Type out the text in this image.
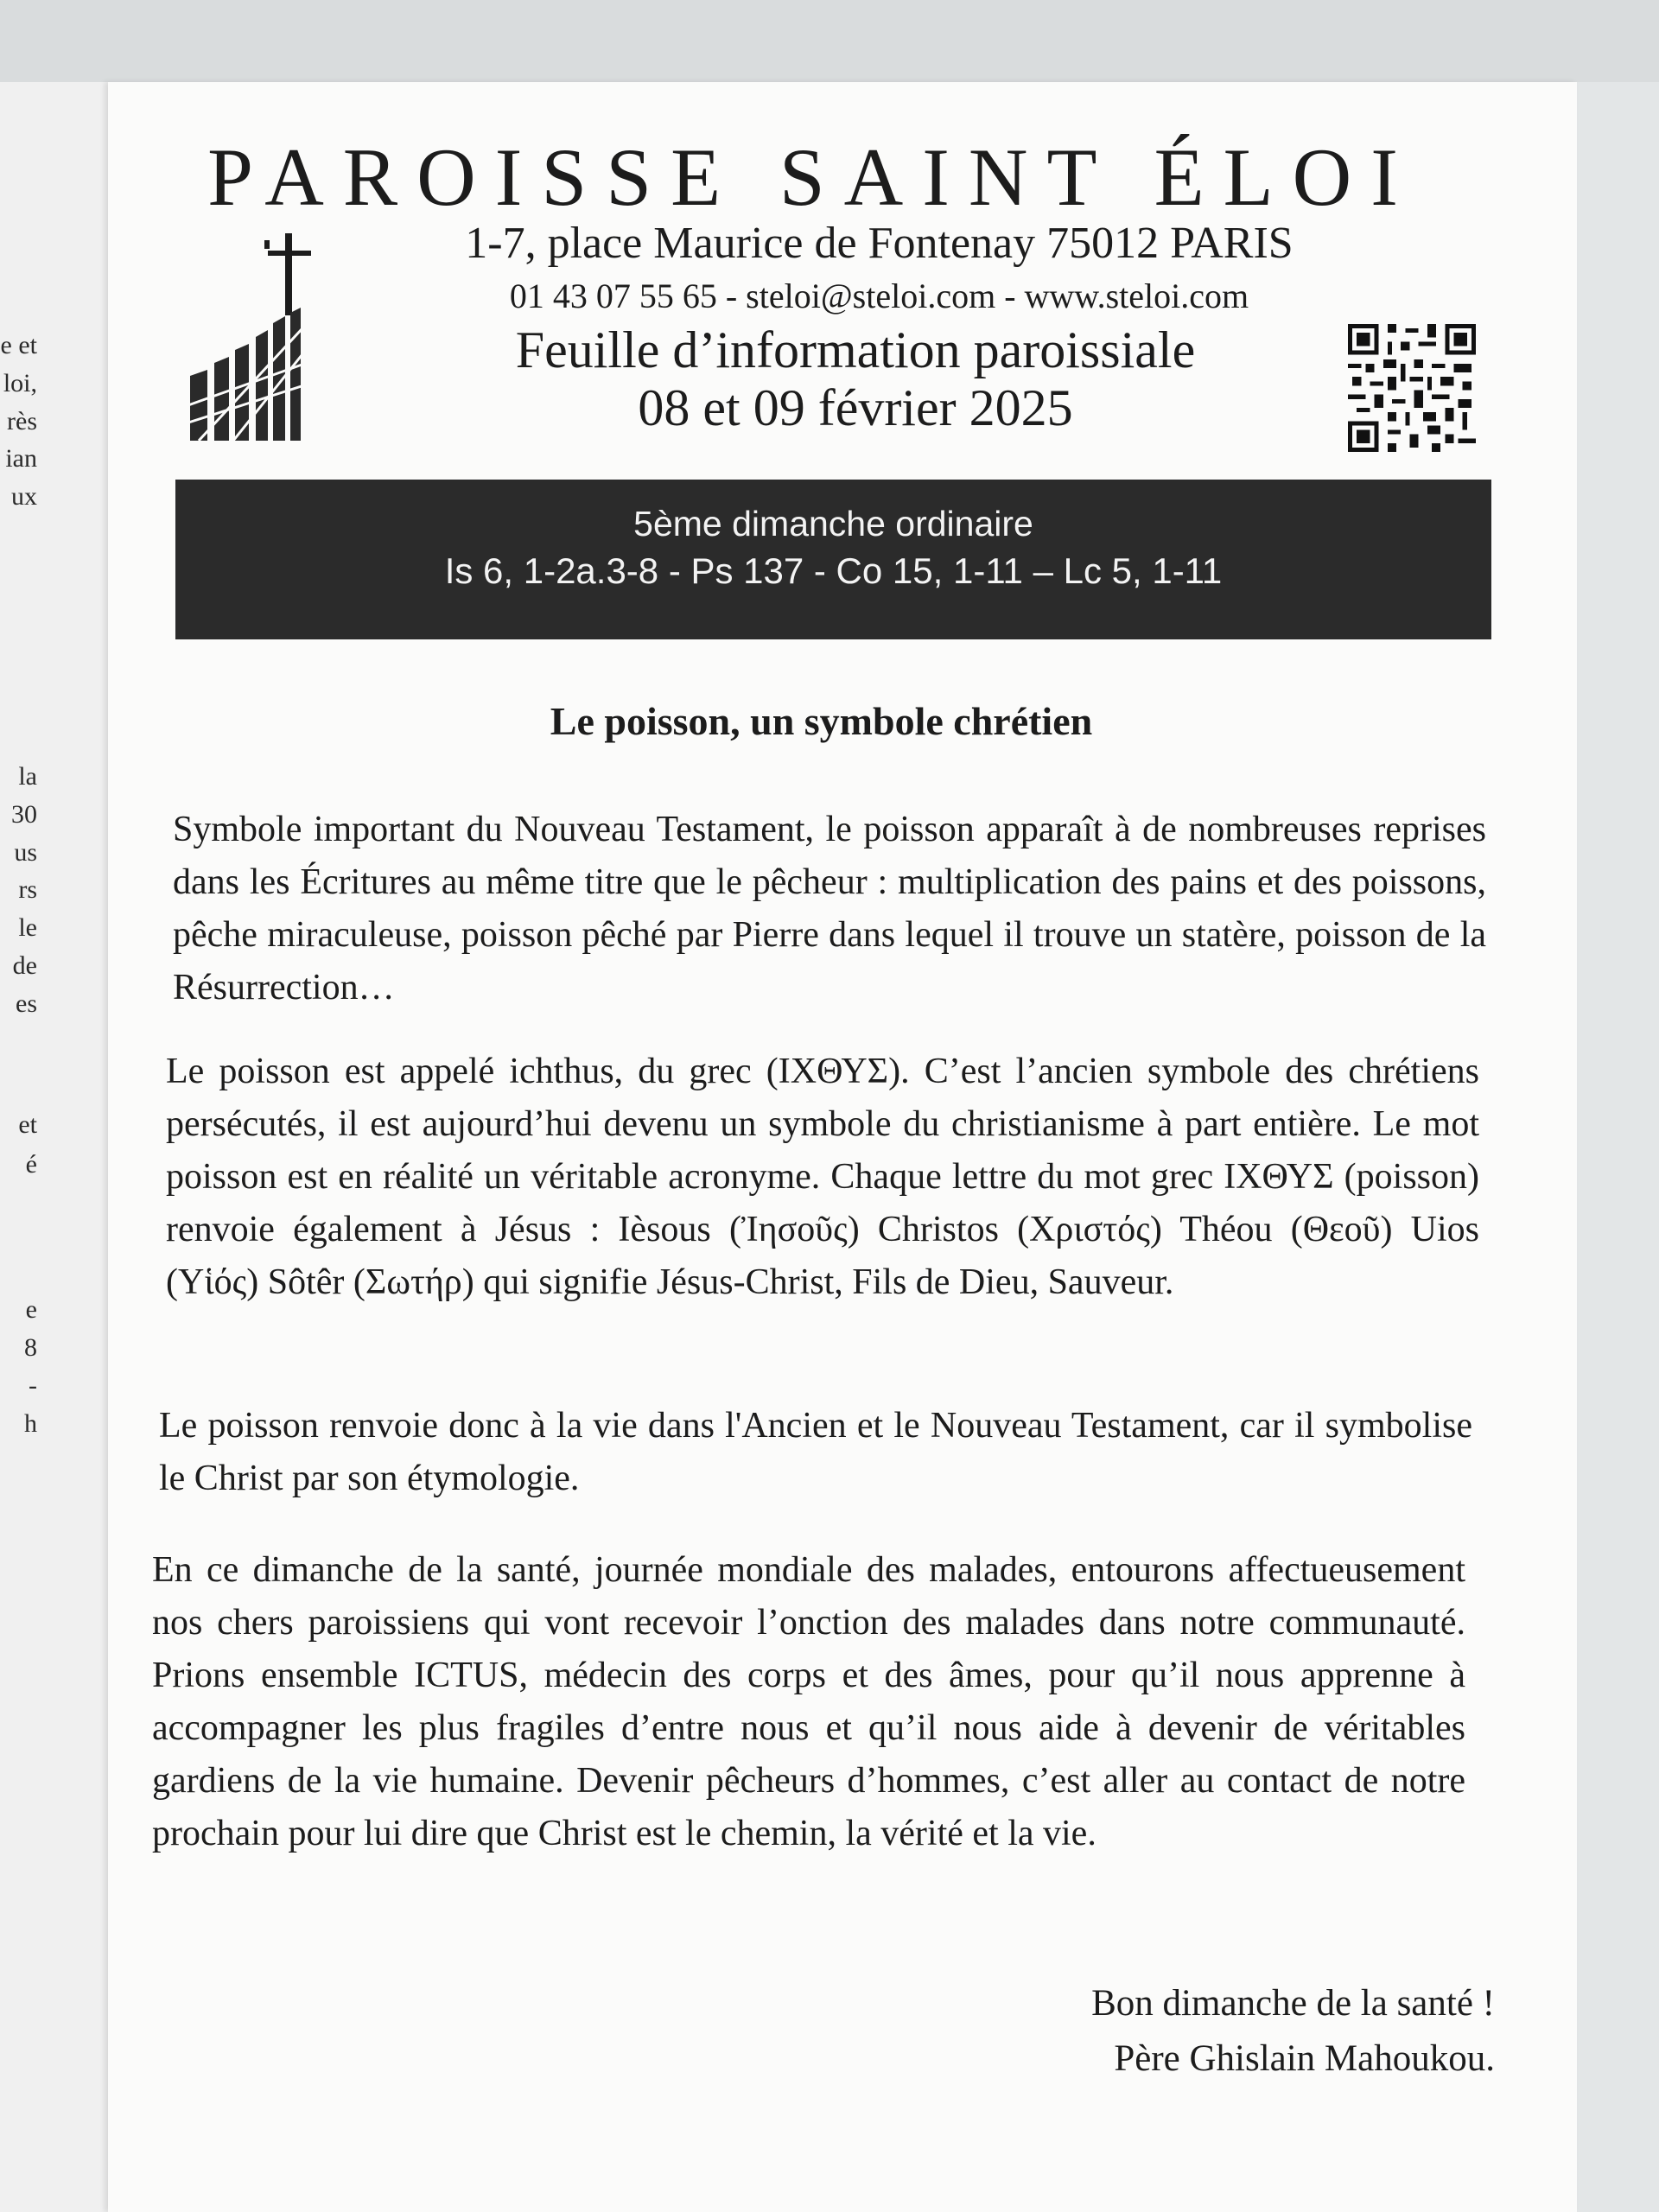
e et
loi,
rès
ian
ux
la
30
us
rs
le
de
es
et
é
e
8
-
h
PAROISSE SAINT ÉLOI
1-7, place Maurice de Fontenay 75012 PARIS
01 43 07 55 65 - steloi@steloi.com - www.steloi.com
Feuille d’information paroissiale
08 et 09 février 2025
5ème dimanche ordinaire
Is 6, 1-2a.3-8 - Ps 137 - Co 15, 1-11 – Lc 5, 1-11
Le poisson, un symbole chrétien
Symbole important du Nouveau Testament, le poisson apparaît à de nombreuses reprises dans les Écritures au même titre que le pêcheur : multiplication des pains et des poissons, pêche miraculeuse, poisson pêché par Pierre dans lequel il trouve un statère, poisson de la Résurrection…
Le poisson est appelé ichthus, du grec (ΙΧΘΥΣ). C’est l’ancien symbole des chrétiens persécutés, il est aujourd’hui devenu un symbole du christianisme à part entière. Le mot poisson est en réalité un véritable acronyme. Chaque lettre du mot grec ΙΧΘΥΣ (poisson) renvoie également à Jésus : Ièsous (Ἰησοῦς) Christos (Χριστός) Théou (Θεοῦ) Uios (Υἱός) Sôtêr (Σωτήρ) qui signifie Jésus-Christ, Fils de Dieu, Sauveur.
Le poisson renvoie donc à la vie dans l'Ancien et le Nouveau Testament, car il symbolise le Christ par son étymologie.
En ce dimanche de la santé, journée mondiale des malades, entourons affectueusement nos chers paroissiens qui vont recevoir l’onction des malades dans notre communauté. Prions ensemble ICTUS, médecin des corps et des âmes, pour qu’il nous apprenne à accompagner les plus fragiles d’entre nous et qu’il nous aide à devenir de véritables gardiens de la vie humaine. Devenir pêcheurs d’hommes, c’est aller au contact de notre prochain pour lui dire que Christ est le chemin, la vérité et la vie.
Bon dimanche de la santé !
Père Ghislain Mahoukou.
